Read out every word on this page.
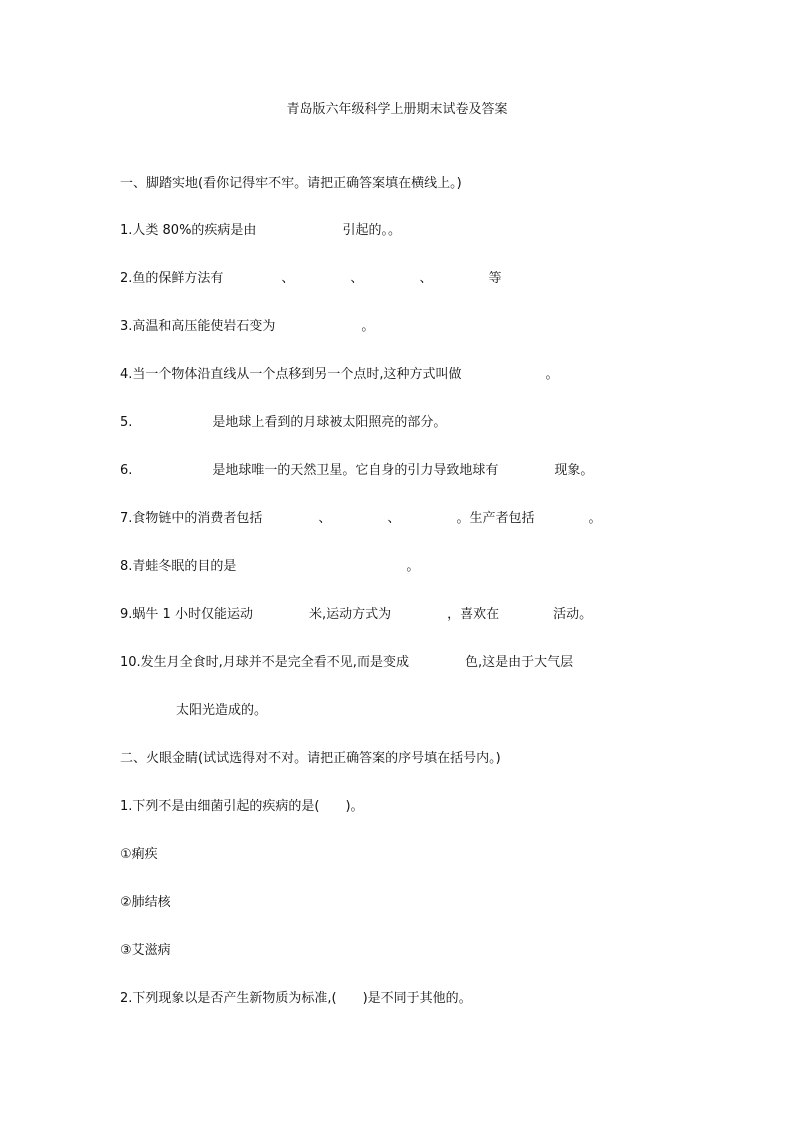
青岛版六年级科学上册期末试卷及答案
一、脚踏实地(看你记得牢不牢。请把正确答案填在横线上。)
1.人类 80%的疾病是由	引起的。。
2.鱼的保鲜方法有	、	、	、	等
3.高温和高压能使岩石变为	。
4.当一个物体沿直线从一个点移到另一个点时,这种方式叫做	。
5.	是地球上看到的月球被太阳照亮的部分。
6.	是地球唯一的天然卫星。它自身的引力导致地球有	现象。
7.食物链中的消费者包括	、	、	。生产者包括	。
8.青蛙冬眠的目的是	。
9.蜗牛 1 小时仅能运动	米,运动方式为	，喜欢在	活动。
10.发生月全食时,月球并不是完全看不见,而是变成	色,这是由于大气层
太阳光造成的。
二、火眼金睛(试试选得对不对。请把正确答案的序号填在括号内。)
1.下列不是由细菌引起的疾病的是(　　)。
①痢疾
②肺结核
③艾滋病
2.下列现象以是否产生新物质为标准,(　　)是不同于其他的。
